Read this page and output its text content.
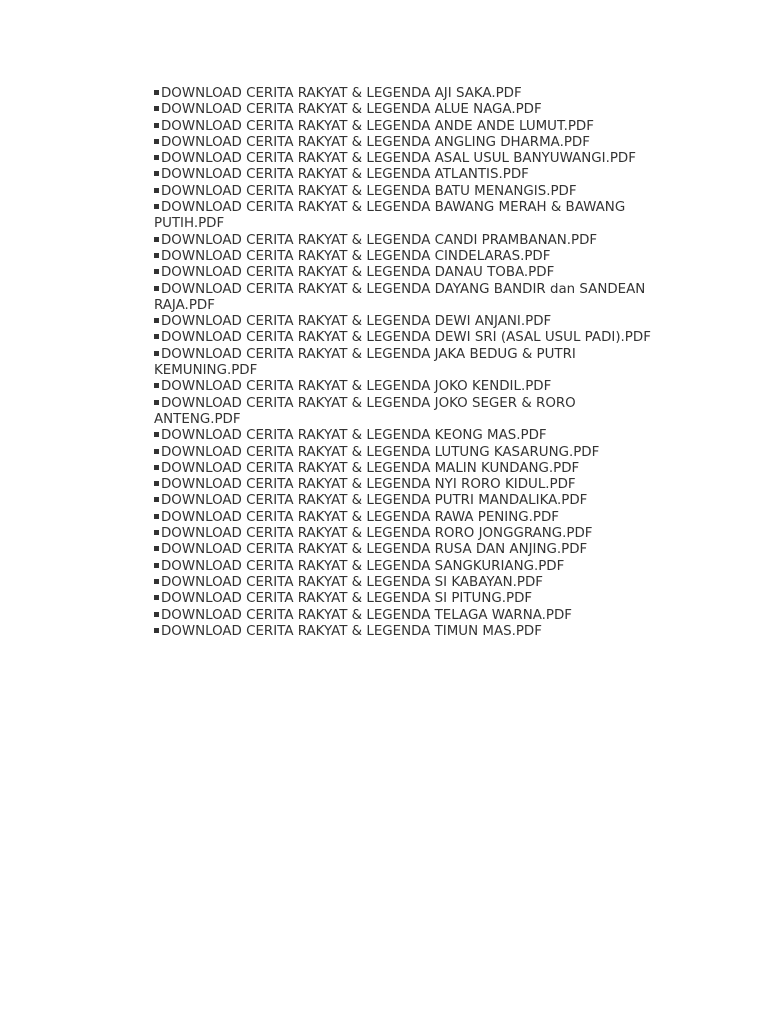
DOWNLOAD CERITA RAKYAT & LEGENDA AJI SAKA.PDF
DOWNLOAD CERITA RAKYAT & LEGENDA ALUE NAGA.PDF
DOWNLOAD CERITA RAKYAT & LEGENDA ANDE ANDE LUMUT.PDF
DOWNLOAD CERITA RAKYAT & LEGENDA ANGLING DHARMA.PDF
DOWNLOAD CERITA RAKYAT & LEGENDA ASAL USUL BANYUWANGI.PDF
DOWNLOAD CERITA RAKYAT & LEGENDA ATLANTIS.PDF
DOWNLOAD CERITA RAKYAT & LEGENDA BATU MENANGIS.PDF
DOWNLOAD CERITA RAKYAT & LEGENDA BAWANG MERAH & BAWANG PUTIH.PDF
DOWNLOAD CERITA RAKYAT & LEGENDA CANDI PRAMBANAN.PDF
DOWNLOAD CERITA RAKYAT & LEGENDA CINDELARAS.PDF
DOWNLOAD CERITA RAKYAT & LEGENDA DANAU TOBA.PDF
DOWNLOAD CERITA RAKYAT & LEGENDA DAYANG BANDIR dan SANDEAN RAJA.PDF
DOWNLOAD CERITA RAKYAT & LEGENDA DEWI ANJANI.PDF
DOWNLOAD CERITA RAKYAT & LEGENDA DEWI SRI (ASAL USUL PADI).PDF
DOWNLOAD CERITA RAKYAT & LEGENDA JAKA BEDUG & PUTRI KEMUNING.PDF
DOWNLOAD CERITA RAKYAT & LEGENDA JOKO KENDIL.PDF
DOWNLOAD CERITA RAKYAT & LEGENDA JOKO SEGER & RORO ANTENG.PDF
DOWNLOAD CERITA RAKYAT & LEGENDA KEONG MAS.PDF
DOWNLOAD CERITA RAKYAT & LEGENDA LUTUNG KASARUNG.PDF
DOWNLOAD CERITA RAKYAT & LEGENDA MALIN KUNDANG.PDF
DOWNLOAD CERITA RAKYAT & LEGENDA NYI RORO KIDUL.PDF
DOWNLOAD CERITA RAKYAT & LEGENDA PUTRI MANDALIKA.PDF
DOWNLOAD CERITA RAKYAT & LEGENDA RAWA PENING.PDF
DOWNLOAD CERITA RAKYAT & LEGENDA RORO JONGGRANG.PDF
DOWNLOAD CERITA RAKYAT & LEGENDA RUSA DAN ANJING.PDF
DOWNLOAD CERITA RAKYAT & LEGENDA SANGKURIANG.PDF
DOWNLOAD CERITA RAKYAT & LEGENDA SI KABAYAN.PDF
DOWNLOAD CERITA RAKYAT & LEGENDA SI PITUNG.PDF
DOWNLOAD CERITA RAKYAT & LEGENDA TELAGA WARNA.PDF
DOWNLOAD CERITA RAKYAT & LEGENDA TIMUN MAS.PDF
